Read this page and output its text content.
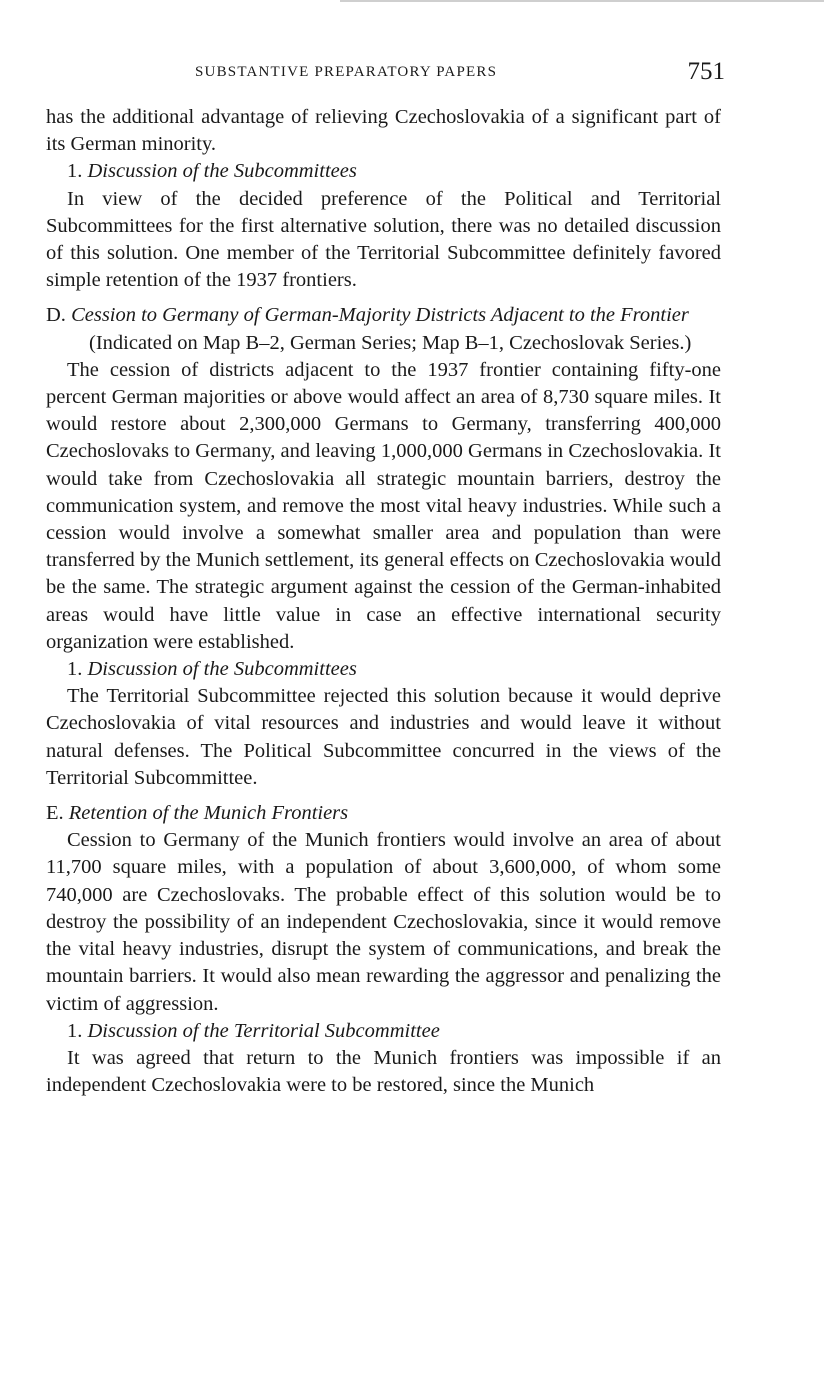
SUBSTANTIVE PREPARATORY PAPERS	751

has the additional advantage of relieving Czechoslovakia of a significant part of its German minority.

1. Discussion of the Subcommittees

In view of the decided preference of the Political and Territorial Subcommittees for the first alternative solution, there was no detailed discussion of this solution. One member of the Territorial Subcommittee definitely favored simple retention of the 1937 frontiers.

D. Cession to Germany of German-Majority Districts Adjacent to the Frontier

(Indicated on Map B–2, German Series; Map B–1, Czechoslovak Series.)

The cession of districts adjacent to the 1937 frontier containing fifty-one percent German majorities or above would affect an area of 8,730 square miles. It would restore about 2,300,000 Germans to Germany, transferring 400,000 Czechoslovaks to Germany, and leaving 1,000,000 Germans in Czechoslovakia. It would take from Czechoslovakia all strategic mountain barriers, destroy the communication system, and remove the most vital heavy industries. While such a cession would involve a somewhat smaller area and population than were transferred by the Munich settlement, its general effects on Czechoslovakia would be the same. The strategic argument against the cession of the German-inhabited areas would have little value in case an effective international security organization were established.

1. Discussion of the Subcommittees

The Territorial Subcommittee rejected this solution because it would deprive Czechoslovakia of vital resources and industries and would leave it without natural defenses. The Political Subcommittee concurred in the views of the Territorial Subcommittee.

E. Retention of the Munich Frontiers

Cession to Germany of the Munich frontiers would involve an area of about 11,700 square miles, with a population of about 3,600,000, of whom some 740,000 are Czechoslovaks. The probable effect of this solution would be to destroy the possibility of an independent Czechoslovakia, since it would remove the vital heavy industries, disrupt the system of communications, and break the mountain barriers. It would also mean rewarding the aggressor and penalizing the victim of aggression.

1. Discussion of the Territorial Subcommittee

It was agreed that return to the Munich frontiers was impossible if an independent Czechoslovakia were to be restored, since the Munich
